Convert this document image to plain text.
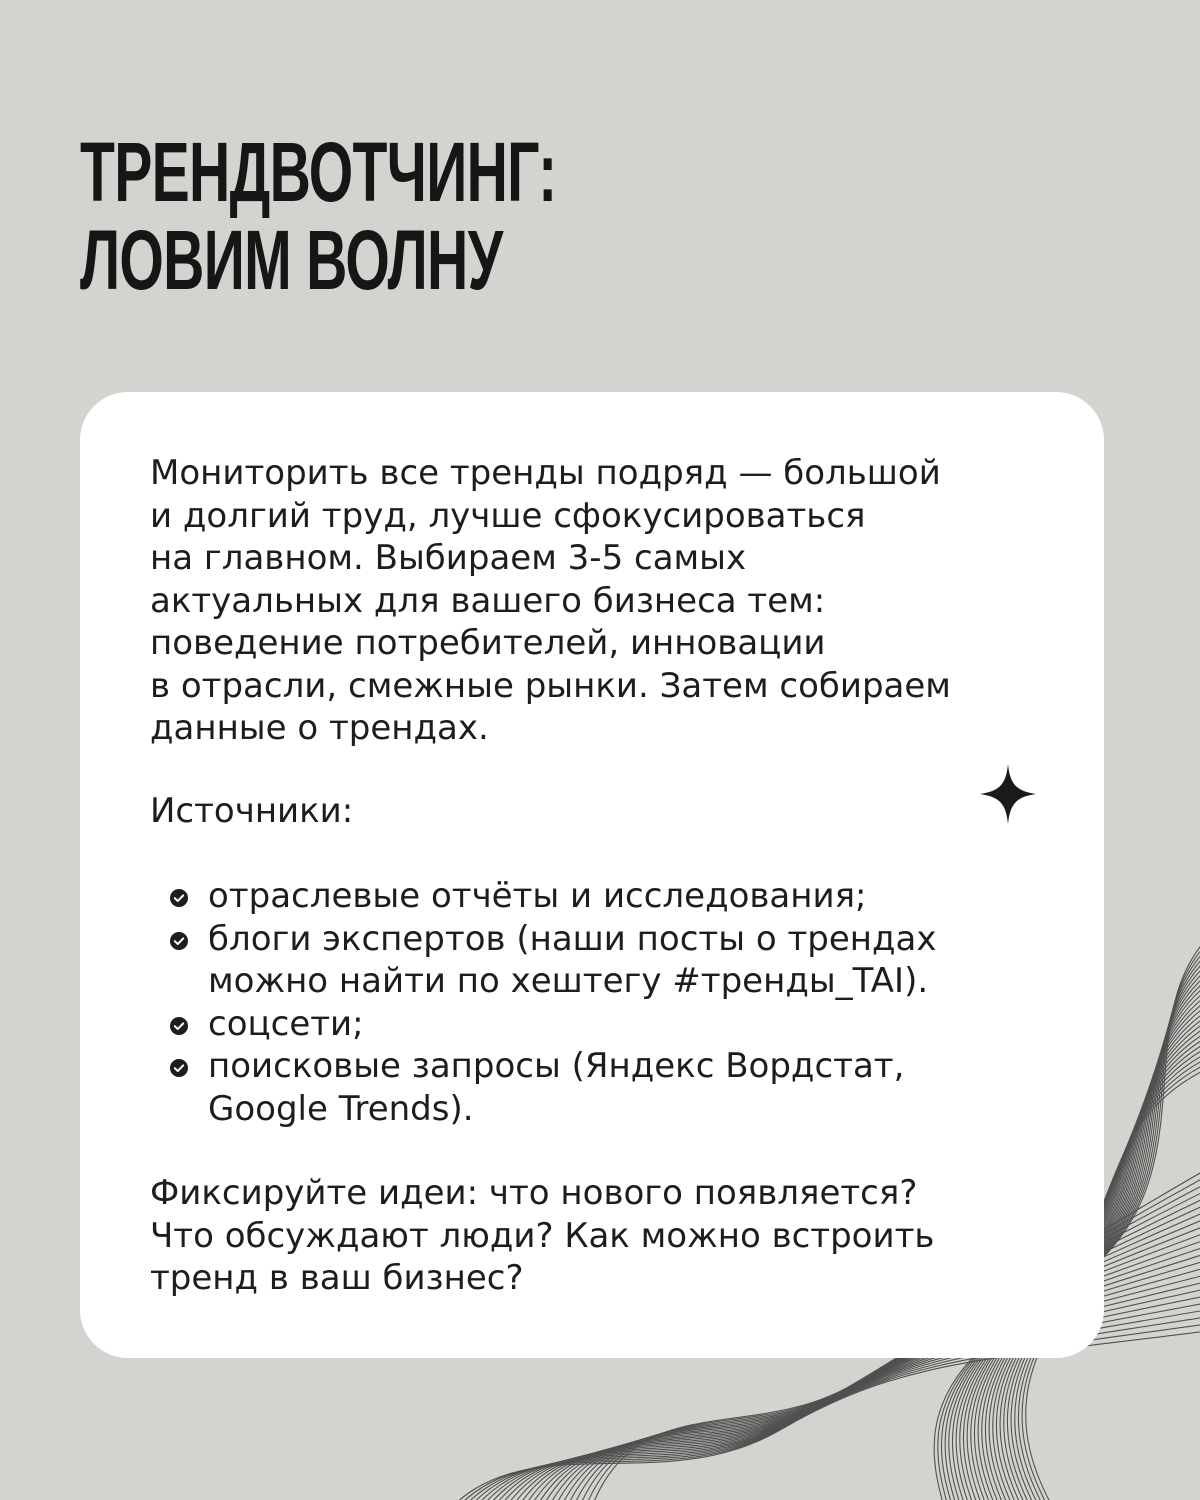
ТРЕНДВОТЧИНГ:
ЛОВИМ ВОЛНУ

Мониторить все тренды подряд — большой
и долгий труд, лучше сфокусироваться
на главном. Выбираем 3-5 самых
актуальных для вашего бизнеса тем:
поведение потребителей, инновации
в отрасли, смежные рынки. Затем собираем
данные о трендах.

Источники:

отраслевые отчёты и исследования;
блоги экспертов (наши посты о трендах
можно найти по хештегу #тренды_TAI).
соцсети;
поисковые запросы (Яндекс Вордстат,
Google Trends).

Фиксируйте идеи: что нового появляется?
Что обсуждают люди? Как можно встроить
тренд в ваш бизнес?
